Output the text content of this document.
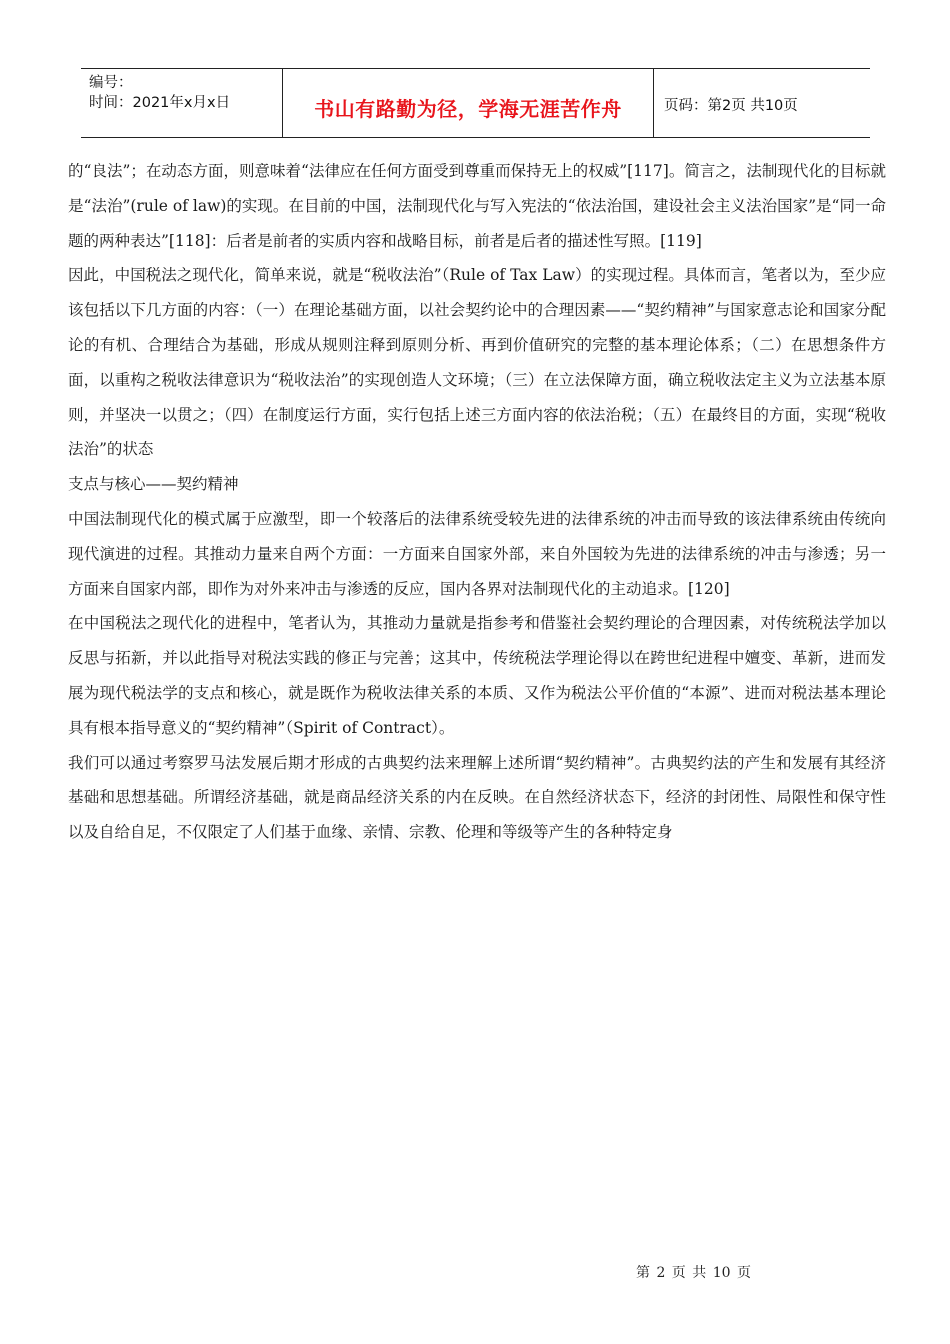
编号：
时间：2021年x月x日	书山有路勤为径，学海无涯苦作舟	页码：第2页 共10页

的“良法”；在动态方面，则意味着“法律应在任何方面受到尊重而保持无上的权威”[117]。简言之，法制现代化的目标就是“法治”(rule of law)的实现。在目前的中国，法制现代化与写入宪法的“依法治国，建设社会主义法治国家”是“同一命题的两种表达”[118]：后者是前者的实质内容和战略目标，前者是后者的描述性写照。[119]

因此，中国税法之现代化，简单来说，就是“税收法治”（Rule of Tax Law）的实现过程。具体而言，笔者以为，至少应该包括以下几方面的内容：（一）在理论基础方面，以社会契约论中的合理因素——“契约精神”与国家意志论和国家分配论的有机、合理结合为基础，形成从规则注释到原则分析、再到价值研究的完整的基本理论体系；（二）在思想条件方面，以重构之税收法律意识为“税收法治”的实现创造人文环境；（三）在立法保障方面，确立税收法定主义为立法基本原则，并坚决一以贯之；（四）在制度运行方面，实行包括上述三方面内容的依法治税；（五）在最终目的方面，实现“税收法治”的状态

支点与核心——契约精神

中国法制现代化的模式属于应激型，即一个较落后的法律系统受较先进的法律系统的冲击而导致的该法律系统由传统向现代演进的过程。其推动力量来自两个方面：一方面来自国家外部，来自外国较为先进的法律系统的冲击与渗透；另一方面来自国家内部，即作为对外来冲击与渗透的反应，国内各界对法制现代化的主动追求。[120]

在中国税法之现代化的进程中，笔者认为，其推动力量就是指参考和借鉴社会契约理论的合理因素，对传统税法学加以反思与拓新，并以此指导对税法实践的修正与完善；这其中，传统税法学理论得以在跨世纪进程中嬗变、革新，进而发展为现代税法学的支点和核心，就是既作为税收法律关系的本质、又作为税法公平价值的“本源”、进而对税法基本理论具有根本指导意义的“契约精神”（Spirit of Contract）。

我们可以通过考察罗马法发展后期才形成的古典契约法来理解上述所谓“契约精神”。古典契约法的产生和发展有其经济基础和思想基础。所谓经济基础，就是商品经济关系的内在反映。在自然经济状态下，经济的封闭性、局限性和保守性以及自给自足，不仅限定了人们基于血缘、亲情、宗教、伦理和等级等产生的各种特定身

第 2 页 共 10 页
